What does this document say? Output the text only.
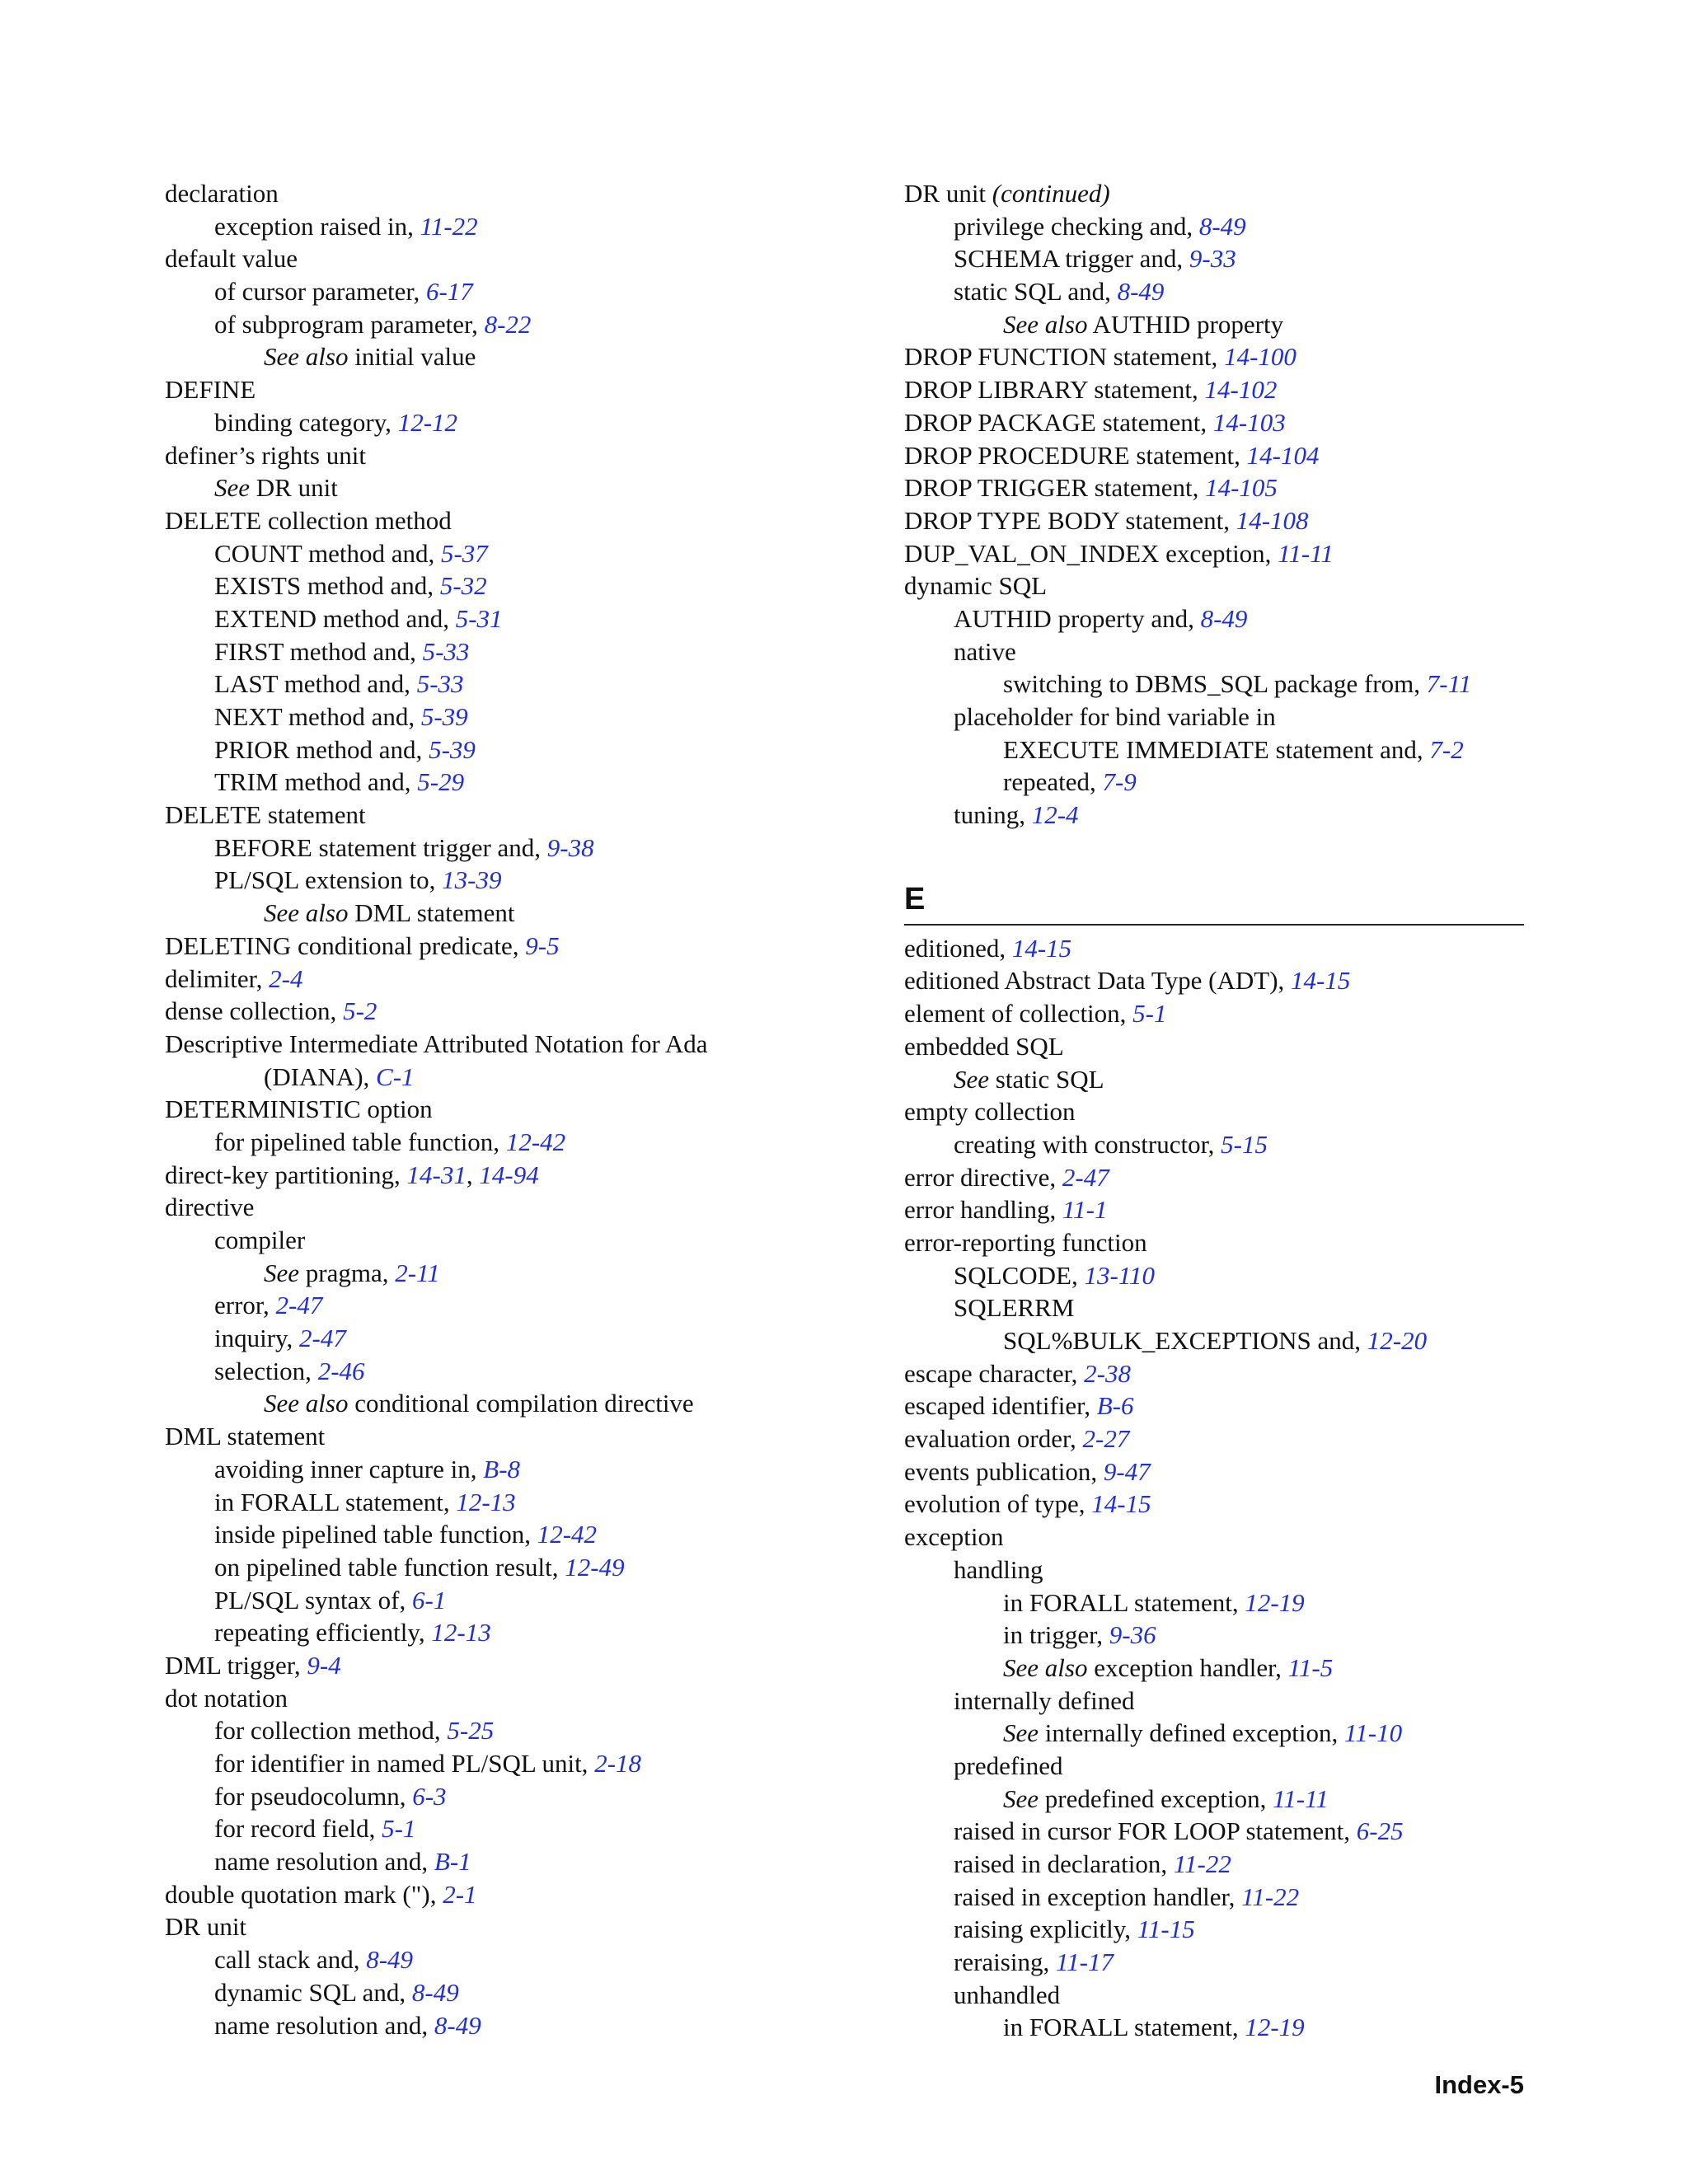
declaration
exception raised in, 11-22
default value
of cursor parameter, 6-17
of subprogram parameter, 8-22
See also initial value
DEFINE
binding category, 12-12
definer’s rights unit
See DR unit
DELETE collection method
COUNT method and, 5-37
EXISTS method and, 5-32
EXTEND method and, 5-31
FIRST method and, 5-33
LAST method and, 5-33
NEXT method and, 5-39
PRIOR method and, 5-39
TRIM method and, 5-29
DELETE statement
BEFORE statement trigger and, 9-38
PL/SQL extension to, 13-39
See also DML statement
DELETING conditional predicate, 9-5
delimiter, 2-4
dense collection, 5-2
Descriptive Intermediate Attributed Notation for Ada
(DIANA), C-1
DETERMINISTIC option
for pipelined table function, 12-42
direct-key partitioning, 14-31, 14-94
directive
compiler
See pragma, 2-11
error, 2-47
inquiry, 2-47
selection, 2-46
See also conditional compilation directive
DML statement
avoiding inner capture in, B-8
in FORALL statement, 12-13
inside pipelined table function, 12-42
on pipelined table function result, 12-49
PL/SQL syntax of, 6-1
repeating efficiently, 12-13
DML trigger, 9-4
dot notation
for collection method, 5-25
for identifier in named PL/SQL unit, 2-18
for pseudocolumn, 6-3
for record field, 5-1
name resolution and, B-1
double quotation mark ("), 2-1
DR unit
call stack and, 8-49
dynamic SQL and, 8-49
name resolution and, 8-49
DR unit (continued)
privilege checking and, 8-49
SCHEMA trigger and, 9-33
static SQL and, 8-49
See also AUTHID property
DROP FUNCTION statement, 14-100
DROP LIBRARY statement, 14-102
DROP PACKAGE statement, 14-103
DROP PROCEDURE statement, 14-104
DROP TRIGGER statement, 14-105
DROP TYPE BODY statement, 14-108
DUP_VAL_ON_INDEX exception, 11-11
dynamic SQL
AUTHID property and, 8-49
native
switching to DBMS_SQL package from, 7-11
placeholder for bind variable in
EXECUTE IMMEDIATE statement and, 7-2
repeated, 7-9
tuning, 12-4
E
editioned, 14-15
editioned Abstract Data Type (ADT), 14-15
element of collection, 5-1
embedded SQL
See static SQL
empty collection
creating with constructor, 5-15
error directive, 2-47
error handling, 11-1
error-reporting function
SQLCODE, 13-110
SQLERRM
SQL%BULK_EXCEPTIONS and, 12-20
escape character, 2-38
escaped identifier, B-6
evaluation order, 2-27
events publication, 9-47
evolution of type, 14-15
exception
handling
in FORALL statement, 12-19
in trigger, 9-36
See also exception handler, 11-5
internally defined
See internally defined exception, 11-10
predefined
See predefined exception, 11-11
raised in cursor FOR LOOP statement, 6-25
raised in declaration, 11-22
raised in exception handler, 11-22
raising explicitly, 11-15
reraising, 11-17
unhandled
in FORALL statement, 12-19
Index-5
